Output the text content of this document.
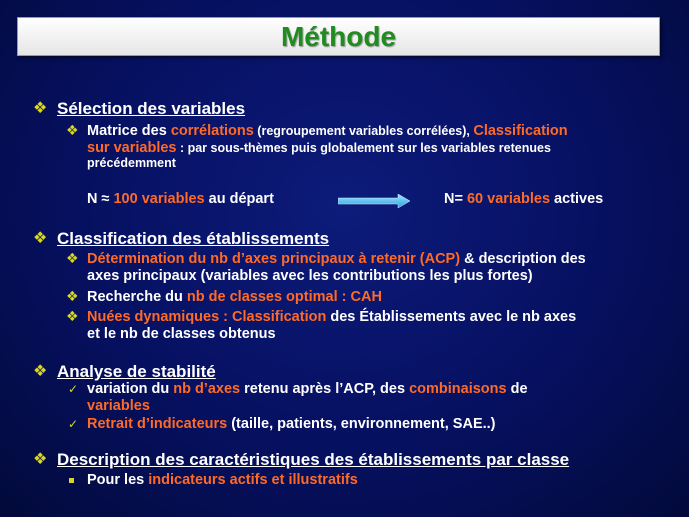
Méthode
❖ Sélection des variables
❖ Matrice des corrélations (regroupement variables corrélées), Classification
sur variables : par sous-thèmes puis globalement sur les variables retenues
précédemment
N ≈ 100 variables au départ	N= 60 variables actives
❖ Classification des établissements
❖ Détermination du nb d’axes principaux à retenir (ACP) & description des
axes principaux (variables avec les contributions les plus fortes)
❖ Recherche du nb de classes optimal : CAH
❖ Nuées dynamiques : Classification des Établissements avec le nb axes
et le nb de classes obtenus
❖ Analyse de stabilité
✓ variation du nb d’axes retenu après l’ACP, des combinaisons de
variables
✓ Retrait d’indicateurs (taille, patients, environnement, SAE..)
❖ Description des caractéristiques des établissements par classe
Pour les indicateurs actifs et illustratifs
